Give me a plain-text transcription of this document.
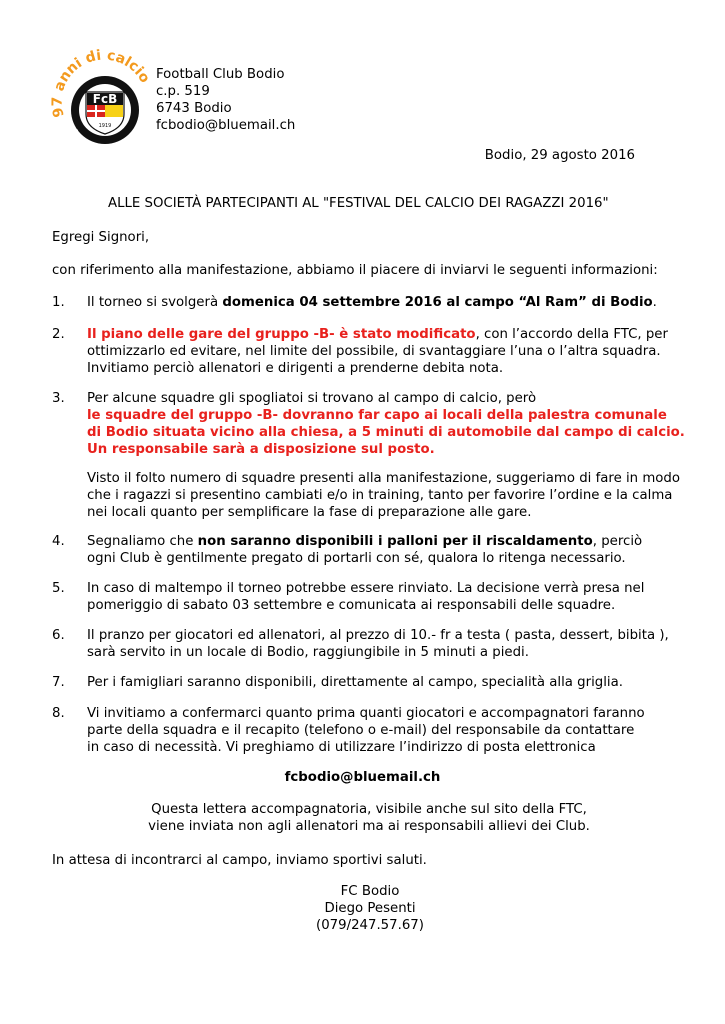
FcB
1919
FOOTBAL IO
97 anni di calci Football Club Bodio
c.p. 519
6743 Bodio
fcbodio@bluemail.ch
Bodio, 29 agosto 2016
ALLE SOCIETÀ PARTECIPANTI AL "FESTIVAL DEL CALCIO DEI RAGAZZI 2016"
Egregi Signori,
con riferimento alla manifestazione, abbiamo il piacere di inviarvi le seguenti informazioni:
1. Il torneo si svolgerà domenica 04 settembre 2016 al campo “Al Ram” di Bodio.
2. Il piano delle gare del gruppo -B- è stato modificato, con l’accordo della FTC, per
ottimizzarlo ed evitare, nel limite del possibile, di svantaggiare l’una o l’altra squadra.
Invitiamo perciò allenatori e dirigenti a prenderne debita nota.
3. Per alcune squadre gli spogliatoi si trovano al campo di calcio, però
le squadre del gruppo -B- dovranno far capo ai locali della palestra comunale
di Bodio situata vicino alla chiesa, a 5 minuti di automobile dal campo di calcio.
Un responsabile sarà a disposizione sul posto.
Visto il folto numero di squadre presenti alla manifestazione, suggeriamo di fare in modo
che i ragazzi si presentino cambiati e/o in training, tanto per favorire l’ordine e la calma
nei locali quanto per semplificare la fase di preparazione alle gare.
4. Segnaliamo che non saranno disponibili i palloni per il riscaldamento, perciò
ogni Club è gentilmente pregato di portarli con sé, qualora lo ritenga necessario.
5. In caso di maltempo il torneo potrebbe essere rinviato. La decisione verrà presa nel
pomeriggio di sabato 03 settembre e comunicata ai responsabili delle squadre.
6. Il pranzo per giocatori ed allenatori, al prezzo di 10.- fr a testa ( pasta, dessert, bibita ),
sarà servito in un locale di Bodio, raggiungibile in 5 minuti a piedi.
7. Per i famigliari saranno disponibili, direttamente al campo, specialità alla griglia.
8. Vi invitiamo a confermarci quanto prima quanti giocatori e accompagnatori faranno
parte della squadra e il recapito (telefono o e-mail) del responsabile da contattare
in caso di necessità. Vi preghiamo di utilizzare l’indirizzo di posta elettronica
fcbodio@bluemail.ch
Questa lettera accompagnatoria, visibile anche sul sito della FTC,
viene inviata non agli allenatori ma ai responsabili allievi dei Club.
In attesa di incontrarci al campo, inviamo sportivi saluti.
FC Bodio
Diego Pesenti
(079/247.57.67)
